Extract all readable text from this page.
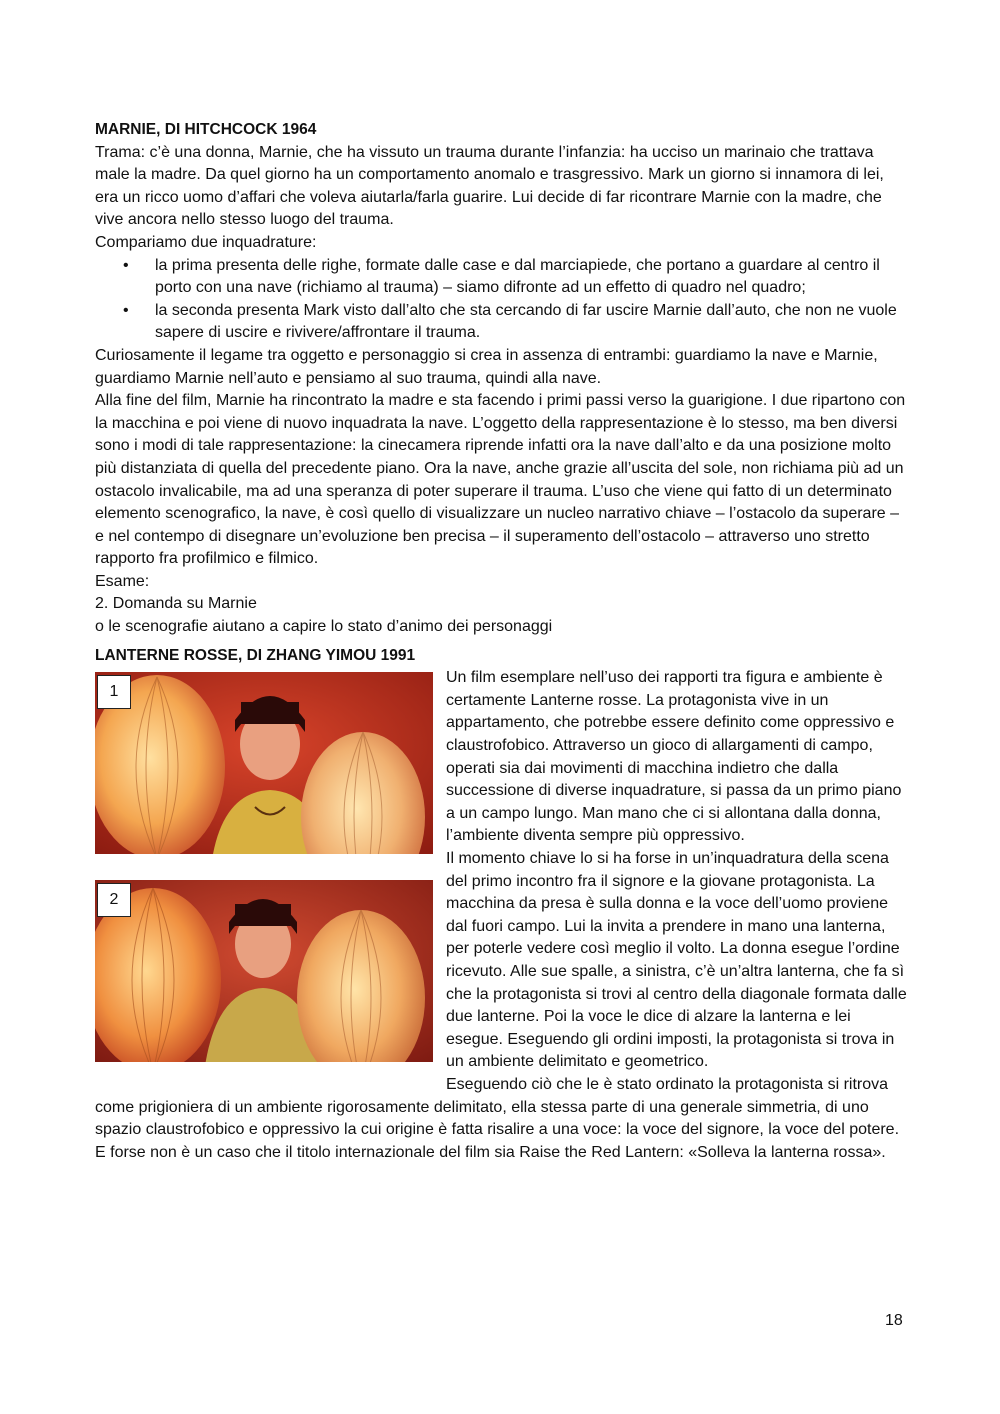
MARNIE, DI HITCHCOCK 1964

Trama: c’è una donna, Marnie, che ha vissuto un trauma durante l’infanzia: ha ucciso un marinaio che trattava male la madre. Da quel giorno ha un comportamento anomalo e trasgressivo. Mark un giorno si innamora di lei, era un ricco uomo d’affari che voleva aiutarla/farla guarire. Lui decide di far ricontrare Marnie con la madre, che vive ancora nello stesso luogo del trauma.

Compariamo due inquadrature:

• la prima presenta delle righe, formate dalle case e dal marciapiede, che portano a guardare al centro il porto con una nave (richiamo al trauma) – siamo difronte ad un effetto di quadro nel quadro;
• la seconda presenta Mark visto dall’alto che sta cercando di far uscire Marnie dall’auto, che non ne vuole sapere di uscire e rivivere/affrontare il trauma.

Curiosamente il legame tra oggetto e personaggio si crea in assenza di entrambi: guardiamo la nave e Marnie, guardiamo Marnie nell’auto e pensiamo al suo trauma, quindi alla nave.

Alla fine del film, Marnie ha rincontrato la madre e sta facendo i primi passi verso la guarigione. I due ripartono con la macchina e poi viene di nuovo inquadrata la nave. L’oggetto della rappresentazione è lo stesso, ma ben diversi sono i modi di tale rappresentazione: la cinecamera riprende infatti ora la nave dall’alto e da una posizione molto più distanziata di quella del precedente piano. Ora la nave, anche grazie all’uscita del sole, non richiama più ad un ostacolo invalicabile, ma ad una speranza di poter superare il trauma. L’uso che viene qui fatto di un determinato elemento scenografico, la nave, è così quello di visualizzare un nucleo narrativo chiave – l’ostacolo da superare – e nel contempo di disegnare un’evoluzione ben precisa – il superamento dell’ostacolo – attraverso uno stretto rapporto fra profilmico e filmico.

Esame:

2. Domanda su Marnie

o le scenografie aiutano a capire lo stato d’animo dei personaggi

LANTERNE ROSSE, DI ZHANG YIMOU 1991
1
2

Un film esemplare nell’uso dei rapporti tra figura e ambiente è certamente Lanterne rosse. La protagonista vive in un appartamento, che potrebbe essere definito come oppressivo e claustrofobico. Attraverso un gioco di allargamenti di campo, operati sia dai movimenti di macchina indietro che dalla successione di diverse inquadrature, si passa da un primo piano a un campo lungo. Man mano che ci si allontana dalla donna, l’ambiente diventa sempre più oppressivo.

Il momento chiave lo si ha forse in un’inquadratura della scena del primo incontro fra il signore e la giovane protagonista. La macchina da presa è sulla donna e la voce dell’uomo proviene dal fuori campo. Lui la invita a prendere in mano una lanterna, per poterle vedere così meglio il volto. La donna esegue l’ordine ricevuto. Alle sue spalle, a sinistra, c’è un’altra lanterna, che fa sì che la protagonista si trovi al centro della diagonale formata dalle due lanterne. Poi la voce le dice di alzare la lanterna e lei esegue. Eseguendo gli ordini imposti, la protagonista si trova in un ambiente delimitato e geometrico.

Eseguendo ciò che le è stato ordinato la protagonista si ritrova come prigioniera di un ambiente rigorosamente delimitato, ella stessa parte di una generale simmetria, di uno spazio claustrofobico e oppressivo la cui origine è fatta risalire a una voce: la voce del signore, la voce del potere. E forse non è un caso che il titolo internazionale del film sia Raise the Red Lantern: «Solleva la lanterna rossa».

18
